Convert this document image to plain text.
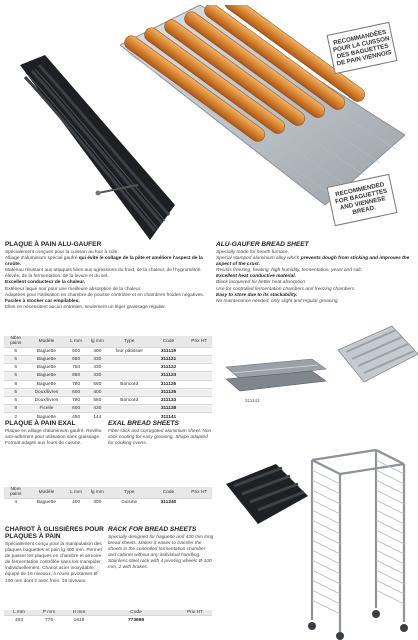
RECOMMANDÉES POUR LA CUISSON DES BAGUETTES DE PAIN VIENNOIS
RECOMMENDED FOR BAGUETTES AND VIENNESE BREAD.
PLAQUE À PAIN ALU-GAUFER	ALU-GAUFER BREAD SHEET

Spécialement conçues pour la cuisson au four à sole.

Alliage d'aluminium spécial gaufré qui évite le collage de la pâte et améliore l'aspect de la croûte.

Matériau résistant aux attaques liées aux agressions du froid, de la chaleur, de l'hygrométrie élevée, de la fermentation, de la levure et du sel.

Excellent conducteur de la chaleur.

Extérieur laqué noir pour une meilleure absorption de la chaleur.

Adaptées pour l'utilisation en chambre de pousse contrôlée et en chambres froides négatives.

Faciles à stocker car empilables.

Elles ne nécessitent aucun entretien, seulement un léger graissage régulier.

Specially made for hearth furnace.

Special stamped aluminium alloy which prevents dough from sticking and improves the aspect of the crust.

Resists freezing, heating, high humidity, fermentation, yeast and salt.

Excellent heat conductive material.

Black lacquered for better heat absorption.

Use for controlled fermentation chambers and freezing chambers.

Easy to store due to its stackability.

No maintenance needed, only slight and regular greasing.

Nbre pains	Modèle	L mm	lg mm	Type	Code	Prix HT
5	Baguette	600	400	four pâtissier	311119	
6	Baguette	650	430		311121	
6	Baguette	750	430		311122	
6	Baguette	850	430		311123	
8	Baguette	780	580	Boncord	311125	
5	Doux/livres	600	400		311135	
6	Doux/livres	780	580	Boncord	311133	
8	Ficelle	600	430		311138	
2	Baguette	450	144		311141	
311141
PLAQUE À PAIN EXAL	EXAL BREAD SHEETS

Plaque en alliage d'aluminium gaufré. Revêtu anti-adhérent pour utilisation sans graissage. Format adapté aux fours de cuisine.

Fiber stick and corrugated aluminium sheet. Non stick coating for easy greasing. Shape adapted for cooking ovens.

Nbre pains	Modèle	L mm	lg mm	Type	Code	Prix HT
4	Baguette	400	300	Cuisine	311240	
CHARIOT À GLISSIÈRES POUR PLAQUES À PAIN
RACK FOR BREAD SHEETS

Spécialement conçu pour la manipulation des plaques baguettes et pain lg 400 mm. Permet de passer les plaques en chambre et armoire de fermentation contrôlée sans les manipuler individuellement. Chariot acier inoxydable, équipé de 16 niveaux, 4 roues pivotantes Ø 100 mm dont 2 avec frein. 18 niveaux.

Specially designed for baguette and 430 mm long bread sheets. Makes it easier to transfer the sheets in the controlled fermentation chamber and cabinet without any individual handling. Stainless steel rack with 4 pivoting wheels Ø 100 mm, 2 with brakes.

L mm	P mm	H mm	Code	Prix HT
493	775	1618	773698	
